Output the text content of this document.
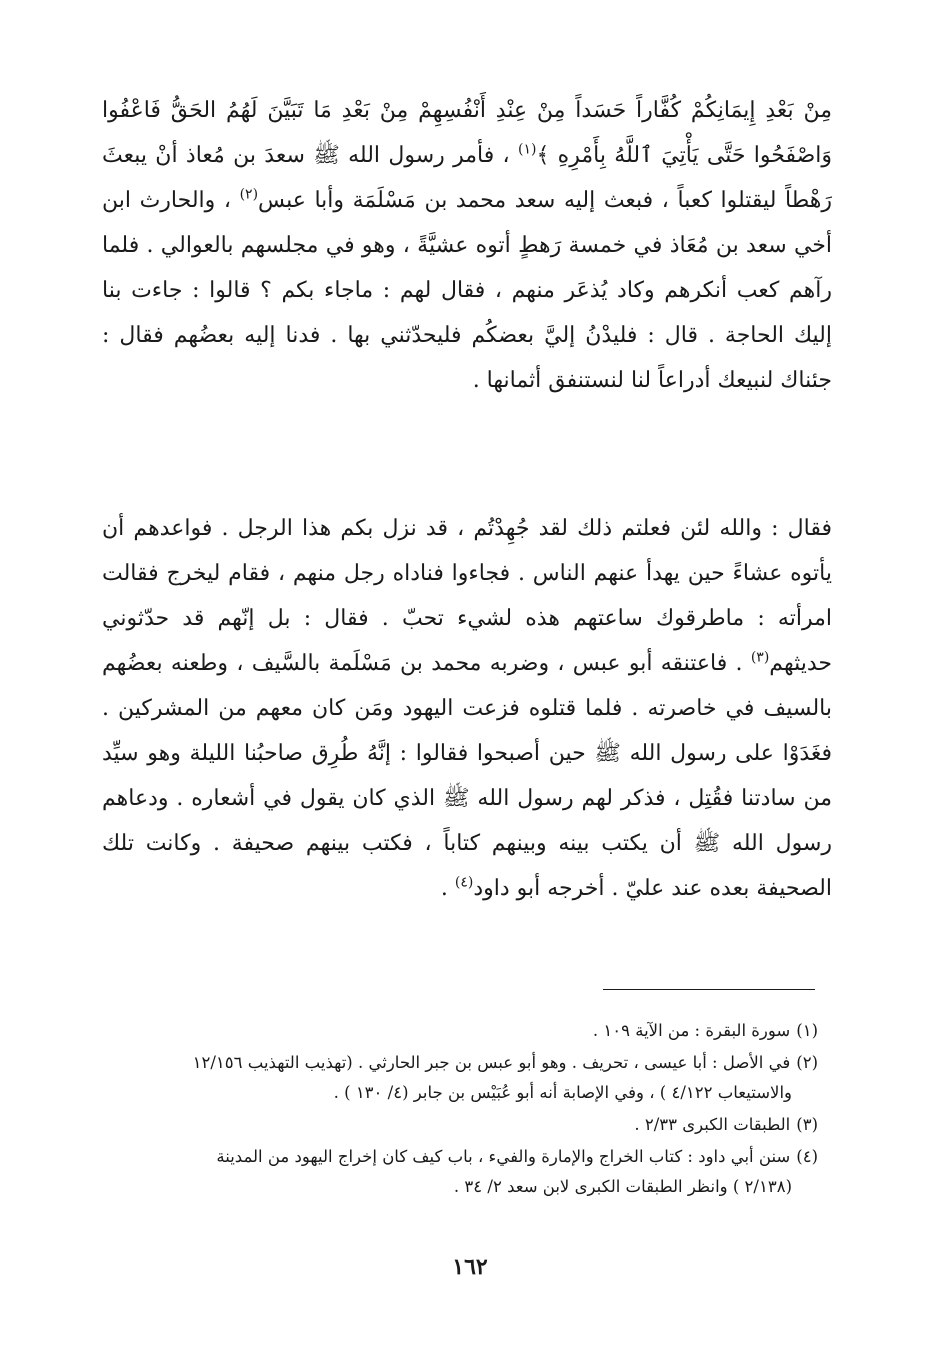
مِنْ بَعْدِ إِيمَانِكُمْ كُفَّاراً حَسَداً مِنْ عِنْدِ أَنْفُسِهِمْ مِنْ بَعْدِ مَا تَبَيَّنَ لَهُمُ الحَقُّ فَاعْفُوا وَاصْفَحُوا حَتَّى يَأْتِيَ ٱللَّهُ بِأَمْرِهِ ﴾$^{(١)}$ ، فأمر رسول الله ﷺ سعدَ بن مُعاذ أنْ يبعثَ رَهْطاً ليقتلوا كعباً ، فبعث إليه سعد محمد بن مَسْلَمَة وأبا عبس$^{(٢)}$ ، والحارث ابن أخي سعد بن مُعَاذ في خمسة رَهطٍ أتوه عشيَّةً ، وهو في مجلسهم بالعوالي . فلما رآهم كعب أنكرهم وكاد يُذعَر منهم ، فقال لهم : ماجاء بكم ؟ قالوا : جاءت بنا إليك الحاجة . قال : فليدْنُ إليَّ بعضكُم فليحدّثني بها . فدنا إليه بعضُهم فقال : جئناك لنبيعك أدراعاً لنا لنستنفق أثمانها .

فقال : والله لئن فعلتم ذلك لقد جُهِدْتُم ، قد نزل بكم هذا الرجل . فواعدهم أن يأتوه عشاءً حين يهدأ عنهم الناس . فجاءوا فناداه رجل منهم ، فقام ليخرج فقالت امرأته : ماطرقوك ساعتهم هذه لشيء تحبّ . فقال : بل إنّهم قد حدّثوني حديثهم$^{(٣)}$ . فاعتنقه أبو عبس ، وضربه محمد بن مَسْلَمة بالسَّيف ، وطعنه بعضُهم بالسيف في خاصرته . فلما قتلوه فزعت اليهود ومَن كان معهم من المشركين . فغَدَوْا على رسول الله ﷺ حين أصبحوا فقالوا : إنَّهُ طُرِق صاحبُنا الليلة وهو سيِّد من سادتنا فقُتِل ، فذكر لهم رسول الله ﷺ الذي كان يقول في أشعاره . ودعاهم رسول الله ﷺ أن يكتب بينه وبينهم كتاباً ، فكتب بينهم صحيفة . وكانت تلك الصحيفة بعده عند عليّ . أخرجه أبو داود$^{(٤)}$ .

(١)سورة البقرة : من الآية ١٠٩ .

(٢)في الأصل : أبا عيسى ، تحريف . وهو أبو عبس بن جبر الحارثي . (تهذيب التهذيب ١٢/١٥٦
والاستيعاب ٤/١٢٢ ) ، وفي الإصابة أنه أبو عُبَيْس بن جابر (٤/ ١٣٠ ) .

(٣)الطبقات الكبرى ٢/٣٣ .

(٤)سنن أبي داود : كتاب الخراج والإمارة والفيء ، باب كيف كان إخراج اليهود من المدينة
(٢/١٣٨ ) وانظر الطبقات الكبرى لابن سعد ٢/ ٣٤ .

١٦٢
